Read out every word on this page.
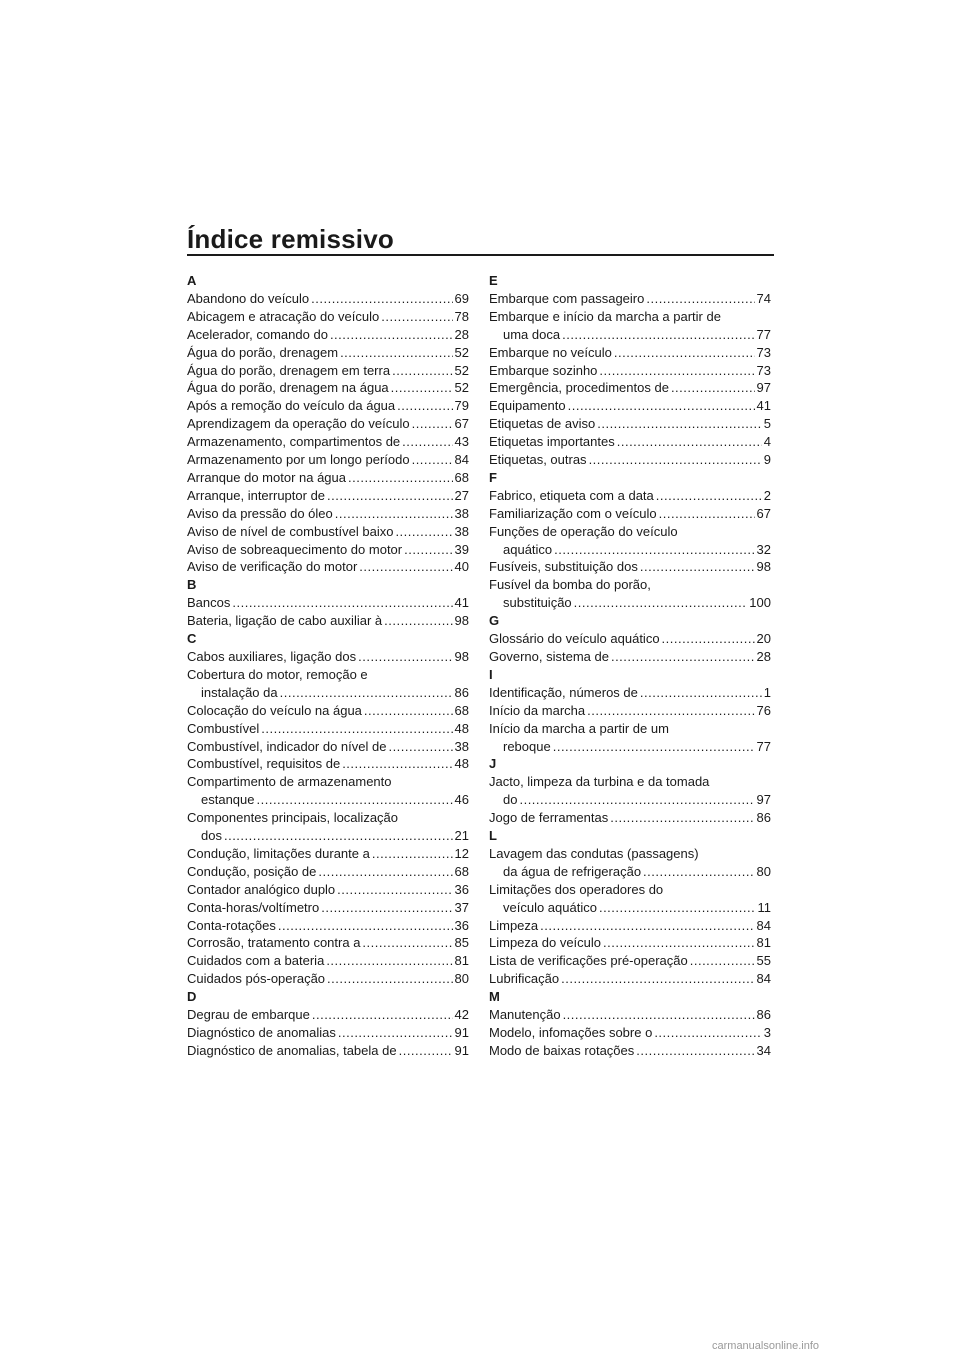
Índice remissivo
A
Abandono do veículo .....	69
Abicagem e atracação do veículo .....	78
Acelerador, comando do .....	28
Água do porão, drenagem .....	52
Água do porão, drenagem em terra .....	52
Água do porão, drenagem na água .....	52
Após a remoção do veículo da água .....	79
Aprendizagem da operação do veículo .....	67
Armazenamento, compartimentos de .....	43
Armazenamento por um longo período .....	84
Arranque do motor na água .....	68
Arranque, interruptor de .....	27
Aviso da pressão do óleo .....	38
Aviso de nível de combustível baixo .....	38
Aviso de sobreaquecimento do motor .....	39
Aviso de verificação do motor .....	40
B
Bancos .....	41
Bateria, ligação de cabo auxiliar à .....	98
C
Cabos auxiliares, ligação dos .....	98
Cobertura do motor, remoção e
instalação da .....	86
Colocação do veículo na água .....	68
Combustível .....	48
Combustível, indicador do nível de .....	38
Combustível, requisitos de .....	48
Compartimento de armazenamento
estanque .....	46
Componentes principais, localização
dos .....	21
Condução, limitações durante a .....	12
Condução, posição de .....	68
Contador analógico duplo .....	36
Conta-horas/voltímetro .....	37
Conta-rotações .....	36
Corrosão, tratamento contra a .....	85
Cuidados com a bateria .....	81
Cuidados pós-operação .....	80
D
Degrau de embarque .....	42
Diagnóstico de anomalias .....	91
Diagnóstico de anomalias, tabela de .....	91
E
Embarque com passageiro .....	74
Embarque e início da marcha a partir de
uma doca .....	77
Embarque no veículo .....	73
Embarque sozinho .....	73
Emergência, procedimentos de .....	97
Equipamento .....	41
Etiquetas de aviso .....	5
Etiquetas importantes .....	4
Etiquetas, outras .....	9
F
Fabrico, etiqueta com a data .....	2
Familiarização com o veículo .....	67
Funções de operação do veículo
aquático .....	32
Fusíveis, substituição dos .....	98
Fusível da bomba do porão,
substituição .....	100
G
Glossário do veículo aquático .....	20
Governo, sistema de .....	28
I
Identificação, números de .....	1
Início da marcha .....	76
Início da marcha a partir de um
reboque .....	77
J
Jacto, limpeza da turbina e da tomada
do .....	97
Jogo de ferramentas .....	86
L
Lavagem das condutas (passagens)
da água de refrigeração .....	80
Limitações dos operadores do
veículo aquático .....	11
Limpeza .....	84
Limpeza do veículo .....	81
Lista de verificações pré-operação .....	55
Lubrificação .....	84
M
Manutenção .....	86
Modelo, infomações sobre o .....	3
Modo de baixas rotações .....	34
carmanualsonline.info
